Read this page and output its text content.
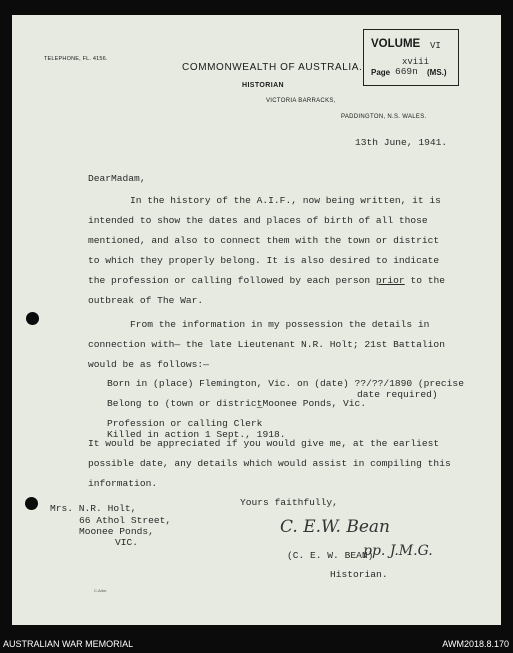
TELEPHONE, FL. 4156.
COMMONWEALTH OF AUSTRALIA.
HISTORIAN
VICTORIA BARRACKS,
PADDINGTON, N.S. WALES.
VOLUME VI
xviii
Page 669n (MS.)
13th June, 1941.
DearMadam,
In the history of the A.I.F., now being written, it is
intended to show the dates and places of birth of all those
mentioned, and also to connect them with the town or district
to which they properly belong. It is also desired to indicate
the profession or calling followed by each person prior to the
outbreak of The War.
From the information in my possession the details in
connection with— the late Lieutenant N.R. Holt; 21st Battalion
would be as follows:—
Born in (place) Flemington, Vic. on (date) ??/??/1890 (precise
date required)
Belong to (town or district̲Moonee Ponds, Vic.
Profession or calling Clerk
Killed in action 1 Sept., 1918.
It would be appreciated if you would give me, at the earliest
possible date, any details which would assist in compiling this
information.
Yours faithfully,
Mrs. N.R. Holt,
66 Athol Street,
Moonee Ponds,
VIC.
C. E.W. Bean
(C. E. W. BEAN)
pp. J.M.G.
Historian.
C.Adm.
AUSTRALIAN WAR MEMORIAL	AWM2018.8.170
